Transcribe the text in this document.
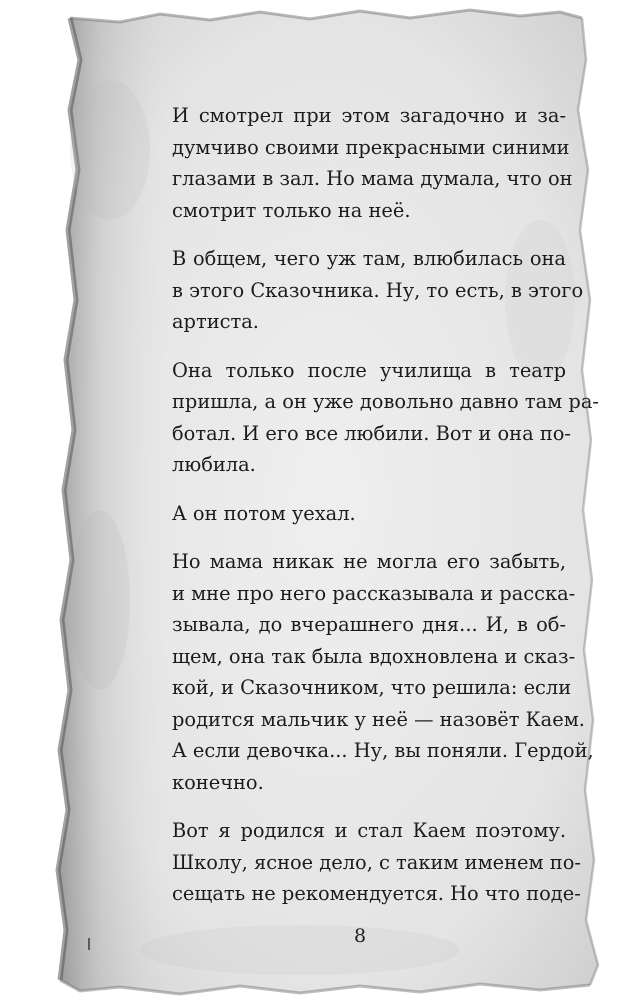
И смотрел при этом загадочно и за-
думчиво своими прекрасными синими
глазами в зал. Но мама думала, что он
смотрит только на неё.

В общем, чего уж там, влюбилась она
в этого Сказочника. Ну, то есть, в этого
артиста.

Она только после училища в театр
пришла, а он уже довольно давно там ра-
ботал. И его все любили. Вот и она по-
любила.

А он потом уехал.

Но мама никак не могла его забыть,
и мне про него рассказывала и расска-
зывала, до вчерашнего дня... И, в об-
щем, она так была вдохновлена и сказ-
кой, и Сказочником, что решила: если
родится мальчик у неё — назовёт Каем.
А если девочка... Ну, вы поняли. Гердой,
конечно.

Вот я родился и стал Каем поэтому.
Школу, ясное дело, с таким именем по-
сещать не рекомендуется. Но что поде-

8
